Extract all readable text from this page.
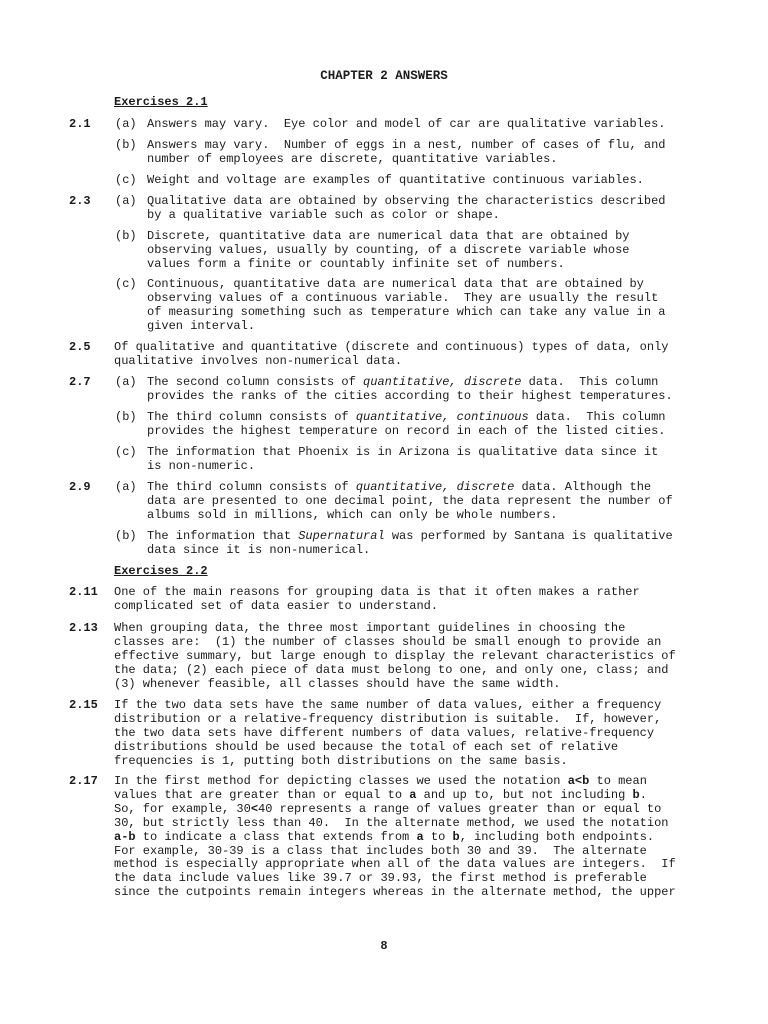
CHAPTER 2 ANSWERS
Exercises 2.1
2.1 (a) Answers may vary.  Eye color and model of car are qualitative variables.
(b) Answers may vary.  Number of eggs in a nest, number of cases of flu, and
number of employees are discrete, quantitative variables.
(c) Weight and voltage are examples of quantitative continuous variables.
2.3 (a) Qualitative data are obtained by observing the characteristics described
by a qualitative variable such as color or shape.
(b) Discrete, quantitative data are numerical data that are obtained by
observing values, usually by counting, of a discrete variable whose
values form a finite or countably infinite set of numbers.
(c) Continuous, quantitative data are numerical data that are obtained by
observing values of a continuous variable.  They are usually the result
of measuring something such as temperature which can take any value in a
given interval.
2.5 Of qualitative and quantitative (discrete and continuous) types of data, only
qualitative involves non-numerical data.
2.7 (a) The second column consists of quantitative, discrete data.  This column
provides the ranks of the cities according to their highest temperatures.
(b) The third column consists of quantitative, continuous data.  This column
provides the highest temperature on record in each of the listed cities.
(c) The information that Phoenix is in Arizona is qualitative data since it
is non-numeric.
2.9 (a) The third column consists of quantitative, discrete data. Although the
data are presented to one decimal point, the data represent the number of
albums sold in millions, which can only be whole numbers.
(b) The information that Supernatural was performed by Santana is qualitative
data since it is non-numerical.
Exercises 2.2
2.11 One of the main reasons for grouping data is that it often makes a rather
complicated set of data easier to understand.
2.13 When grouping data, the three most important guidelines in choosing the
classes are:  (1) the number of classes should be small enough to provide an
effective summary, but large enough to display the relevant characteristics of
the data; (2) each piece of data must belong to one, and only one, class; and
(3) whenever feasible, all classes should have the same width.
2.15 If the two data sets have the same number of data values, either a frequency
distribution or a relative-frequency distribution is suitable.  If, however,
the two data sets have different numbers of data values, relative-frequency
distributions should be used because the total of each set of relative
frequencies is 1, putting both distributions on the same basis.
2.17 In the first method for depicting classes we used the notation a<b to mean
values that are greater than or equal to a and up to, but not including b.
So, for example, 30<40 represents a range of values greater than or equal to
30, but strictly less than 40.  In the alternate method, we used the notation
a-b to indicate a class that extends from a to b, including both endpoints.
For example, 30-39 is a class that includes both 30 and 39.  The alternate
method is especially appropriate when all of the data values are integers.  If
the data include values like 39.7 or 39.93, the first method is preferable
since the cutpoints remain integers whereas in the alternate method, the upper
8
